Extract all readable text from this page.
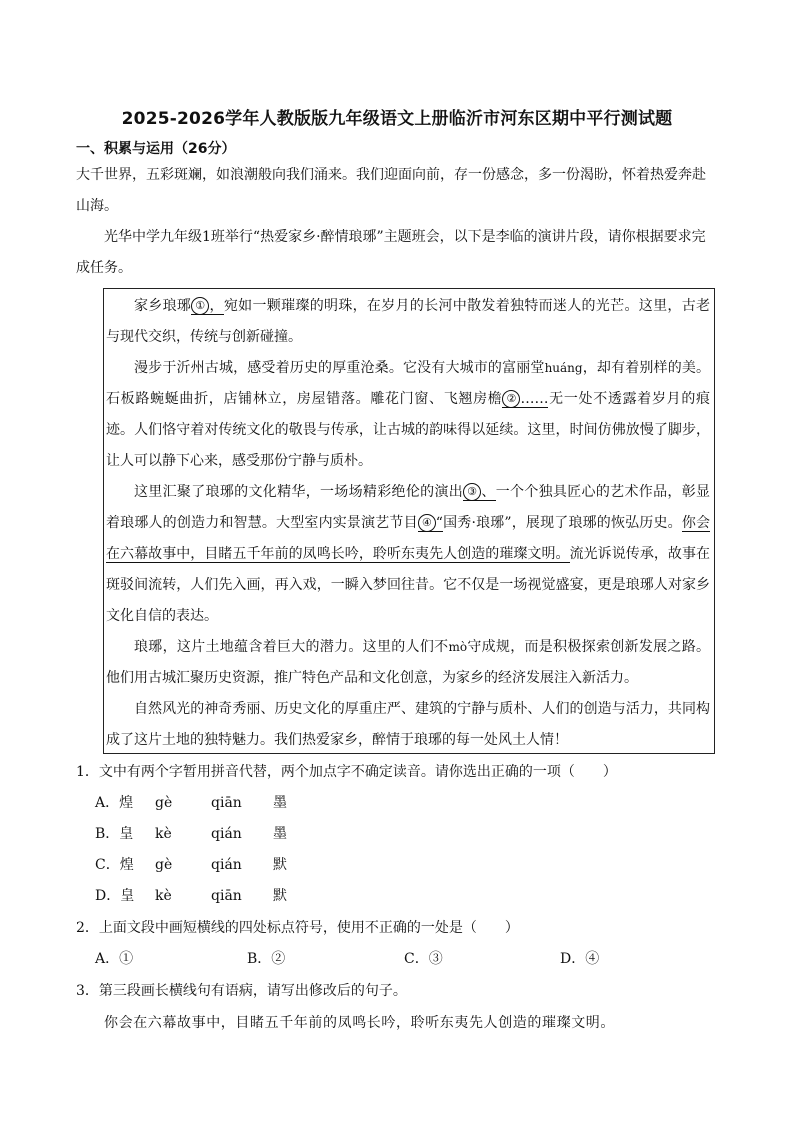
2025-2026学年人教版版九年级语文上册临沂市河东区期中平行测试题
一、积累与运用（26分）
大千世界，五彩斑斓，如浪潮般向我们涌来。我们迎面向前，存一份感念，多一份渴盼，怀着热爱奔赴山海。
光华中学九年级1班举行“热爱家乡·醉情琅琊”主题班会，以下是李临的演讲片段，请你根据要求完成任务。

家乡琅琊 ① ，宛如一颗璀璨的明珠，在岁月的长河中散发着独特而迷人的光芒。这里，古老与现代交织，传统与创新碰撞。

漫步于沂州古城，感受着历史的厚重沧桑。它没有大城市的富丽堂huáng，却有着别样的美。石板路蜿蜒曲折，店铺林立，房屋错落。雕花门窗、飞翘房檐 ② ……无一处不透露着岁月的痕迹。人们恪守着对传统文化的敬畏与传承，让古城的韵味得以延续。这里，时间仿佛放慢了脚步，让人可以静下心来，感受那份宁静与质朴。

这里汇聚了琅琊的文化精华，一场场精彩绝伦的演出 ③ 、一个个独具匠心的艺术作品，彰显着琅琊人的创造力和智慧。大型室内实景演艺节目 ④ “国秀·琅琊”，展现了琅琊的恢弘历史。你会在六幕故事中，目睹五千年前的凤鸣长吟，聆听东夷先人创造的璀璨文明。流光诉说传承，故事在斑驳间流转，人们先入画，再入戏，一瞬入梦回往昔。它不仅是一场视觉盛宴，更是琅琊人对家乡文化自信的表达。

琅琊，这片土地蕴含着巨大的潜力。这里的人们不mò守成规，而是积极探索创新发展之路。他们用古城汇聚历史资源，推广特色产品和文化创意，为家乡的经济发展注入新活力。

自然风光的神奇秀丽、历史文化的厚重庄严、建筑的宁静与质朴、人们的创造与活力，共同构成了这片土地的独特魅力。我们热爱家乡，醉情于琅琊的每一处风土人情！

1．文中有两个字暂用拼音代替，两个加点字不确定读音。请你选出正确的一项（　　）
A．煌 gè	qiān 墨
B．皇 kè	qián 墨
C．煌 gè	qián 默
D．皇 kè	qiān 默
2．上面文段中画短横线的四处标点符号，使用不正确的一处是（　　）
A．①	B．②	C．③	D．④
3．第三段画长横线句有语病，请写出修改后的句子。
你会在六幕故事中，目睹五千年前的凤鸣长吟，聆听东夷先人创造的璀璨文明。
